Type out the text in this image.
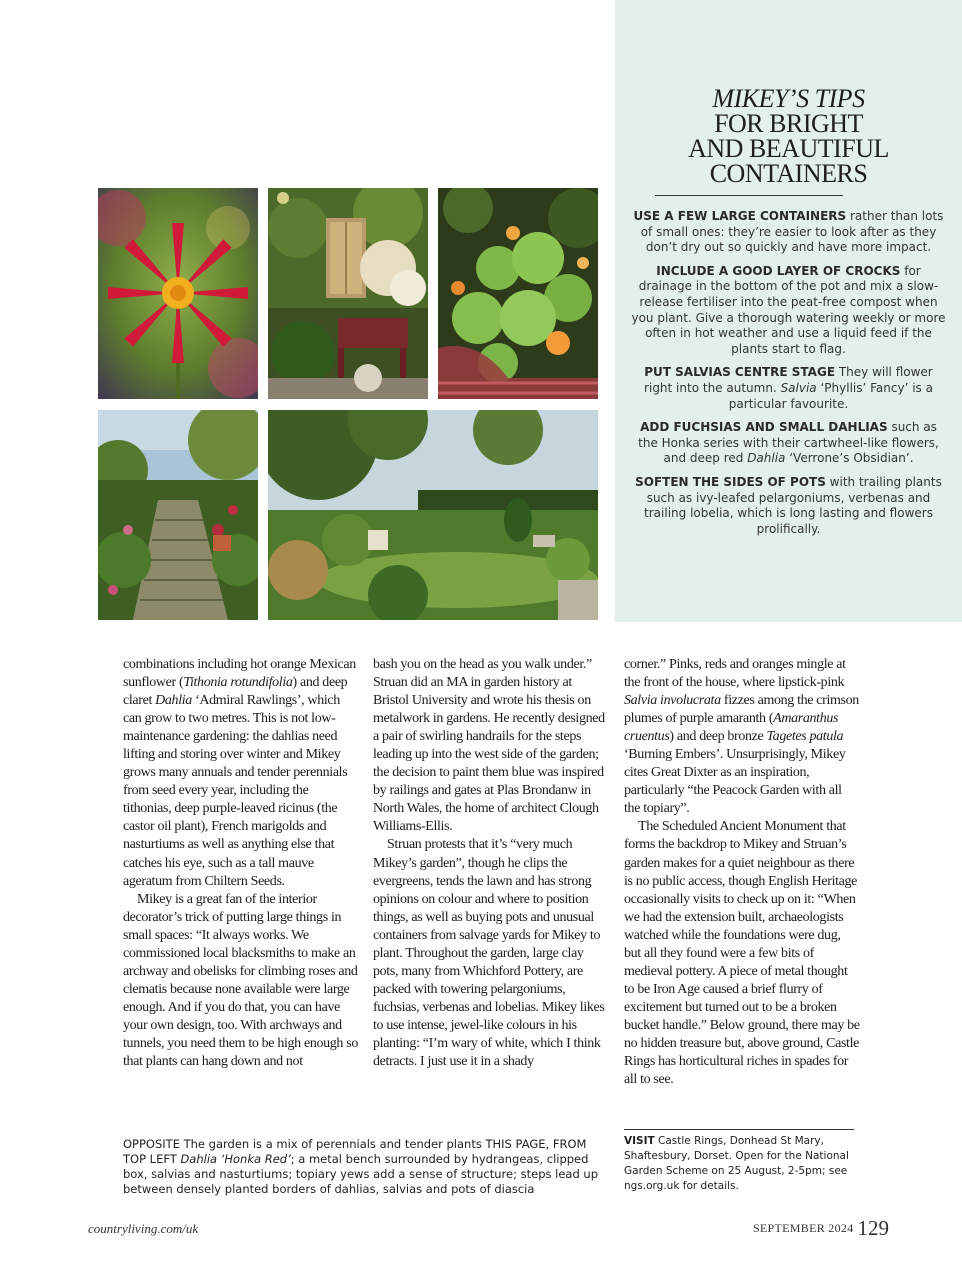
MIKEY’S TIPS
FOR BRIGHT
AND BEAUTIFUL
CONTAINERS

USE A FEW LARGE CONTAINERS rather than lots of small ones: they’re easier to look after as they don’t dry out so quickly and have more impact.

INCLUDE A GOOD LAYER OF CROCKS for drainage in the bottom of the pot and mix a slow-release fertiliser into the peat-free compost when you plant. Give a thorough watering weekly or more often in hot weather and use a liquid feed if the plants start to flag.

PUT SALVIAS CENTRE STAGE They will flower right into the autumn. Salvia ‘Phyllis’ Fancy’ is a particular favourite.

ADD FUCHSIAS AND SMALL DAHLIAS such as the Honka series with their cartwheel-like flowers, and deep red Dahlia ‘Verrone’s Obsidian’.

SOFTEN THE SIDES OF POTS with trailing plants such as ivy-leafed pelargoniums, verbenas and trailing lobelia, which is long lasting and flowers prolifically.

combinations including hot orange Mexican sunflower (Tithonia rotundifolia) and deep claret Dahlia ‘Admiral Rawlings’, which can grow to two metres. This is not low-maintenance gardening: the dahlias need lifting and storing over winter and Mikey grows many annuals and tender perennials from seed every year, including the tithonias, deep purple-leaved ricinus (the castor oil plant), French marigolds and nasturtiums as well as anything else that catches his eye, such as a tall mauve ageratum from Chiltern Seeds.

Mikey is a great fan of the interior decorator’s trick of putting large things in small spaces: “It always works. We commissioned local blacksmiths to make an archway and obelisks for climbing roses and clematis because none available were large enough. And if you do that, you can have your own design, too. With archways and tunnels, you need them to be high enough so that plants can hang down and not

bash you on the head as you walk under.” Struan did an MA in garden history at Bristol University and wrote his thesis on metalwork in gardens. He recently designed a pair of swirling handrails for the steps leading up into the west side of the garden; the decision to paint them blue was inspired by railings and gates at Plas Brondanw in North Wales, the home of architect Clough Williams-Ellis.

Struan protests that it’s “very much Mikey’s garden”, though he clips the evergreens, tends the lawn and has strong opinions on colour and where to position things, as well as buying pots and unusual containers from salvage yards for Mikey to plant. Throughout the garden, large clay pots, many from Whichford Pottery, are packed with towering pelargoniums, fuchsias, verbenas and lobelias. Mikey likes to use intense, jewel-like colours in his planting: “I’m wary of white, which I think detracts. I just use it in a shady

corner.” Pinks, reds and oranges mingle at the front of the house, where lipstick-pink Salvia involucrata fizzes among the crimson plumes of purple amaranth (Amaranthus cruentus) and deep bronze Tagetes patula ‘Burning Embers’. Unsurprisingly, Mikey cites Great Dixter as an inspiration, particularly “the Peacock Garden with all the topiary”.

The Scheduled Ancient Monument that forms the backdrop to Mikey and Struan’s garden makes for a quiet neighbour as there is no public access, though English Heritage occasionally visits to check up on it: “When we had the extension built, archaeologists watched while the foundations were dug, but all they found were a few bits of medieval pottery. A piece of metal thought to be Iron Age caused a brief flurry of excitement but turned out to be a broken bucket handle.” Below ground, there may be no hidden treasure but, above ground, Castle Rings has horticultural riches in spades for all to see.

OPPOSITE The garden is a mix of perennials and tender plants THIS PAGE, FROM TOP LEFT Dahlia ‘Honka Red’; a metal bench surrounded by hydrangeas, clipped box, salvias and nasturtiums; topiary yews add a sense of structure; steps lead up between densely planted borders of dahlias, salvias and pots of diascia
VISIT Castle Rings, Donhead St Mary, Shaftesbury, Dorset. Open for the National Garden Scheme on 25 August, 2-5pm; see ngs.org.uk for details.
countryliving.com/uk	SEPTEMBER 2024 129
